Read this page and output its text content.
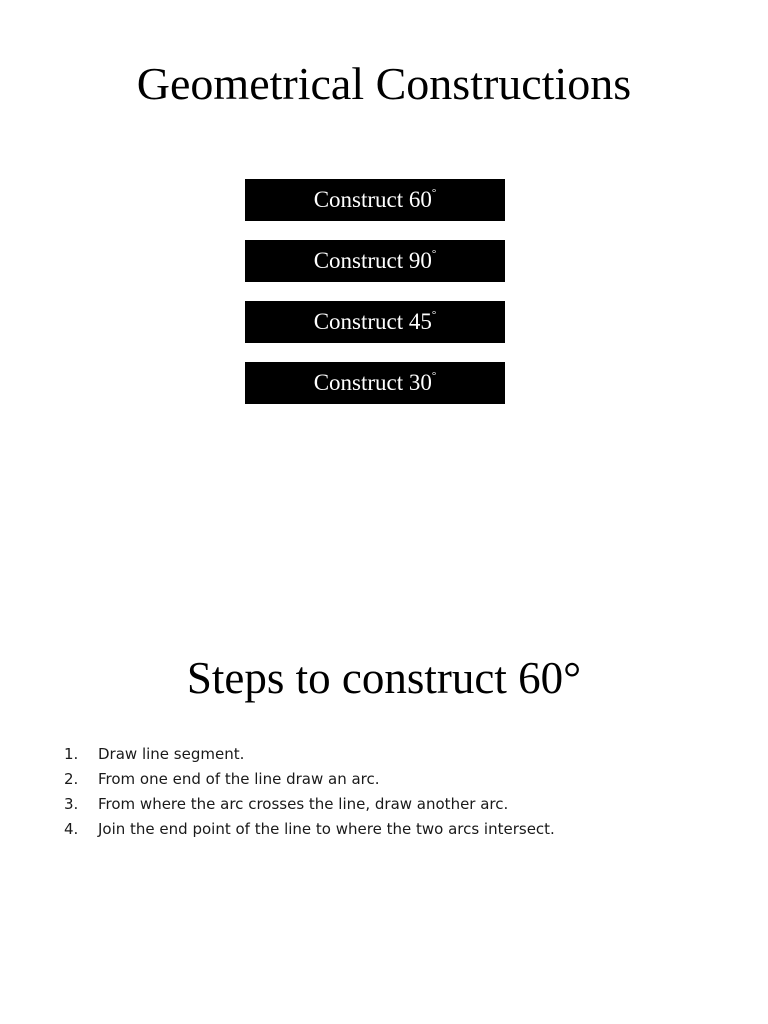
Geometrical Constructions
Construct 60°
Construct 90°
Construct 45°
Construct 30°
Steps to construct 60°
1.	Draw line segment.
2.	From one end of the line draw an arc.
3.	From where the arc crosses the line, draw another arc.
4.	Join the end point of the line to where the two arcs intersect.
